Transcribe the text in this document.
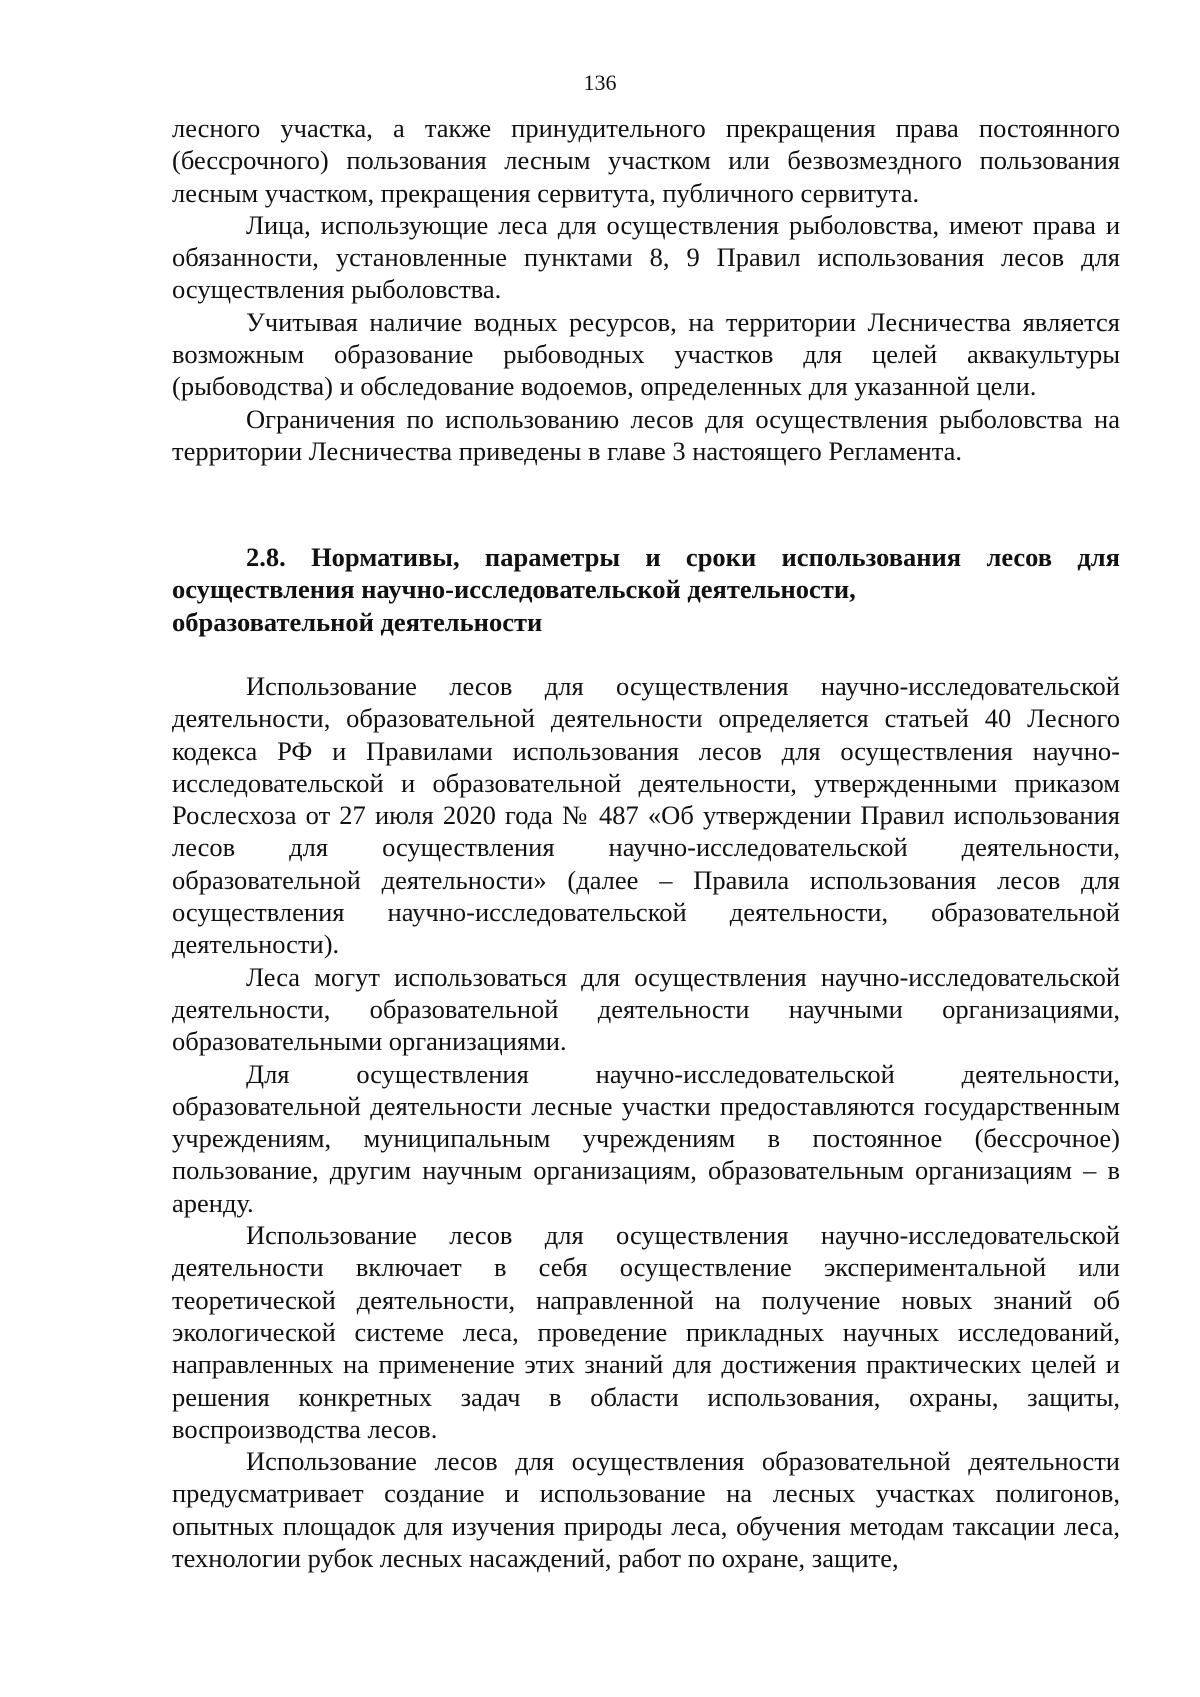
136

лесного участка, а также принудительного прекращения права постоянного (бессрочного) пользования лесным участком или безвозмездного пользования лесным участком, прекращения сервитута, публичного сервитута.

Лица, использующие леса для осуществления рыболовства, имеют права и обязанности, установленные пунктами 8, 9 Правил использования лесов для осуществления рыболовства.

Учитывая наличие водных ресурсов, на территории Лесничества является возможным образование рыбоводных участков для целей аквакультуры (рыбоводства) и обследование водоемов, определенных для указанной цели.

Ограничения по использованию лесов для осуществления рыболовства на территории Лесничества приведены в главе 3 настоящего Регламента.

2.8. Нормативы, параметры и сроки использования лесов для осуществления научно-исследовательской деятельности,
образовательной деятельности

Использование лесов для осуществления научно-исследовательской деятельности, образовательной деятельности определяется статьей 40 Лесного кодекса РФ и Правилами использования лесов для осуществления научно-исследовательской и образовательной деятельности, утвержденными приказом Рослесхоза от 27 июля 2020 года № 487 «Об утверждении Правил использования лесов для осуществления научно-исследовательской деятельности, образовательной деятельности» (далее – Правила использования лесов для осуществления научно-исследовательской деятельности, образовательной деятельности).

Леса могут использоваться для осуществления научно-исследовательской деятельности, образовательной деятельности научными организациями, образовательными организациями.

Для осуществления научно-исследовательской деятельности, образовательной деятельности лесные участки предоставляются государственным учреждениям, муниципальным учреждениям в постоянное (бессрочное) пользование, другим научным организациям, образовательным организациям – в аренду.

Использование лесов для осуществления научно-исследовательской деятельности включает в себя осуществление экспериментальной или теоретической деятельности, направленной на получение новых знаний об экологической системе леса, проведение прикладных научных исследований, направленных на применение этих знаний для достижения практических целей и решения конкретных задач в области использования, охраны, защиты, воспроизводства лесов.

Использование лесов для осуществления образовательной деятельности предусматривает создание и использование на лесных участках полигонов, опытных площадок для изучения природы леса, обучения методам таксации леса, технологии рубок лесных насаждений, работ по охране, защите,
